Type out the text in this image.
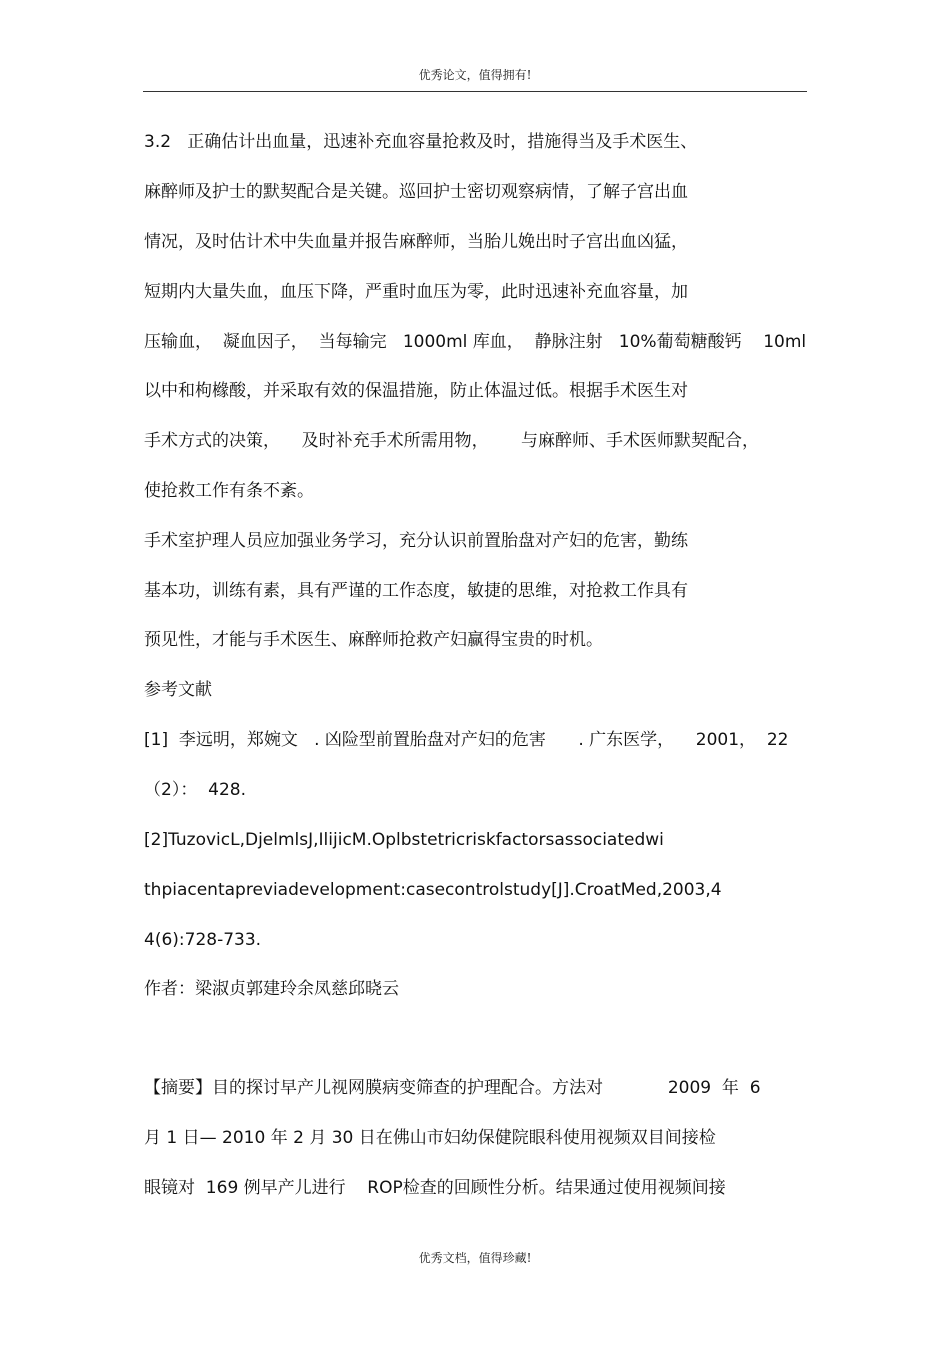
优秀论文，值得拥有!
3.2   正确估计出血量，迅速补充血容量抢救及时，措施得当及手术医生、
麻醉师及护士的默契配合是关键。巡回护士密切观察病情，了解子宫出血
情况，及时估计术中失血量并报告麻醉师，当胎儿娩出时子宫出血凶猛，
短期内大量失血，血压下降，严重时血压为零，此时迅速补充血容量，加
压输血，  凝血因子，  当每输完   1000ml 库血，  静脉注射   10%葡萄糖酸钙    10ml
以中和枸橼酸，并采取有效的保温措施，防止体温过低。根据手术医生对
手术方式的决策，    及时补充手术所需用物，      与麻醉师、手术医师默契配合，
使抢救工作有条不紊。
手术室护理人员应加强业务学习，充分认识前置胎盘对产妇的危害，勤练
基本功，训练有素，具有严谨的工作态度，敏捷的思维，对抢救工作具有
预见性，才能与手术医生、麻醉师抢救产妇赢得宝贵的时机。
参考文献
[1]  李远明，郑婉文   . 凶险型前置胎盘对产妇的危害      . 广东医学，    2001，  22
（2）：  428.
[2]TuzovicL,DjelmlsJ,IlijicM.Oplbstetricriskfactorsassociatedwi
thpiacentapreviadevelopment:casecontrolstudy[J].CroatMed,2003,4
4(6):728-733.
作者：梁淑贞郭建玲余凤慈邱晓云
【摘要】目的探讨早产儿视网膜病变筛查的护理配合。方法对            2009  年  6
月 1 日— 2010 年 2 月 30 日在佛山市妇幼保健院眼科使用视频双目间接检
眼镜对  169 例早产儿进行    ROP检查的回顾性分析。结果通过使用视频间接
优秀文档，值得珍藏!
